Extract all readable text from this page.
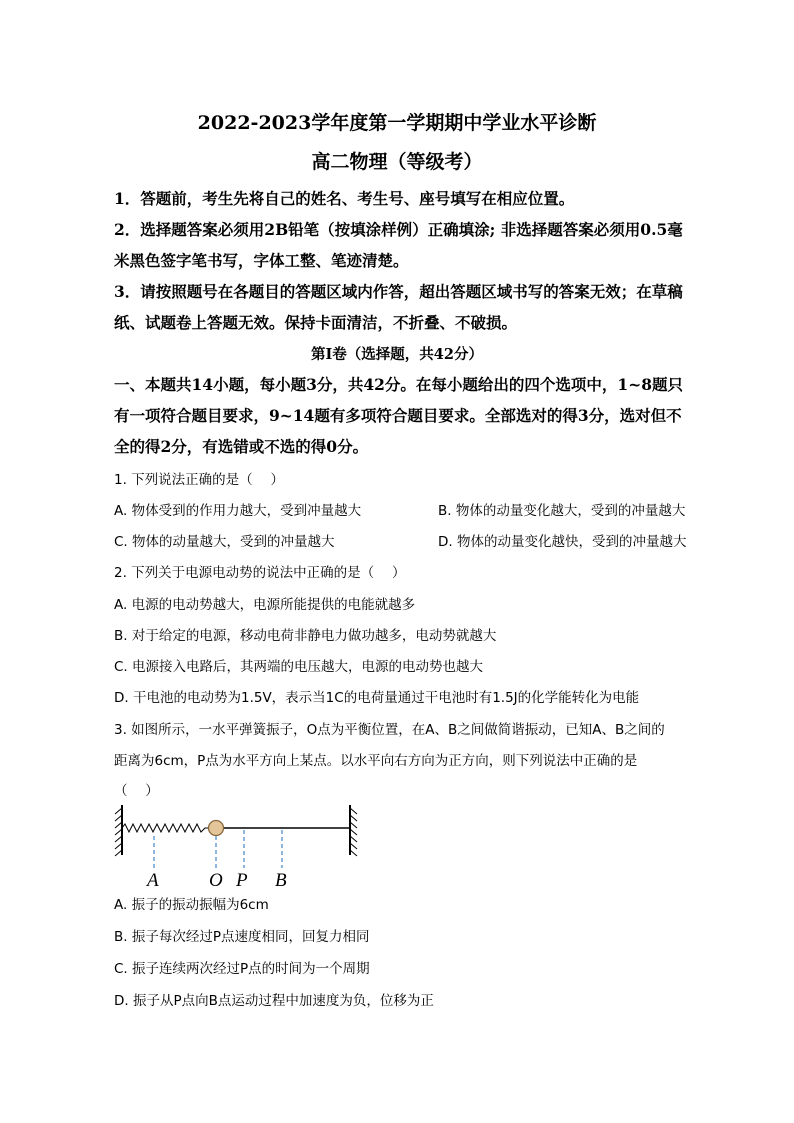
2022-2023学年度第一学期期中学业水平诊断
高二物理（等级考）
1．答题前，考生先将自己的姓名、考生号、座号填写在相应位置。
2．选择题答案必须用2B铅笔（按填涂样例）正确填涂; 非选择题答案必须用0.5毫
米黑色签字笔书写，字体工整、笔迹清楚。
3．请按照题号在各题目的答题区域内作答，超出答题区域书写的答案无效；在草稿
纸、试题卷上答题无效。保持卡面清洁，不折叠、不破损。
第I卷（选择题，共42分）
一、本题共14小题，每小题3分，共42分。在每小题给出的四个选项中，1~8题只
有一项符合题目要求，9~14题有多项符合题目要求。全部选对的得3分，选对但不
全的得2分，有选错或不选的得0分。
1. 下列说法正确的是（　 ）
A. 物体受到的作用力越大，受到冲量越大	B. 物体的动量变化越大，受到的冲量越大
C. 物体的动量越大，受到的冲量越大	D. 物体的动量变化越快，受到的冲量越大
2. 下列关于电源电动势的说法中正确的是（　 ）
A. 电源的电动势越大，电源所能提供的电能就越多
B. 对于给定的电源，移动电荷非静电力做功越多，电动势就越大
C. 电源接入电路后，其两端的电压越大，电源的电动势也越大
D. 干电池的电动势为1.5V，表示当1C的电荷量通过干电池时有1.5J的化学能转化为电能
3. 如图所示，一水平弹簧振子，O点为平衡位置，在A、B之间做简谐振动，已知A、B之间的
距离为6cm，P点为水平方向上某点。以水平向右方向为正方向，则下列说法中正确的是
（　 ）
A	O P B
A. 振子的振动振幅为6cm
B. 振子每次经过P点速度相同，回复力相同
C. 振子连续两次经过P点的时间为一个周期
D. 振子从P点向B点运动过程中加速度为负，位移为正
